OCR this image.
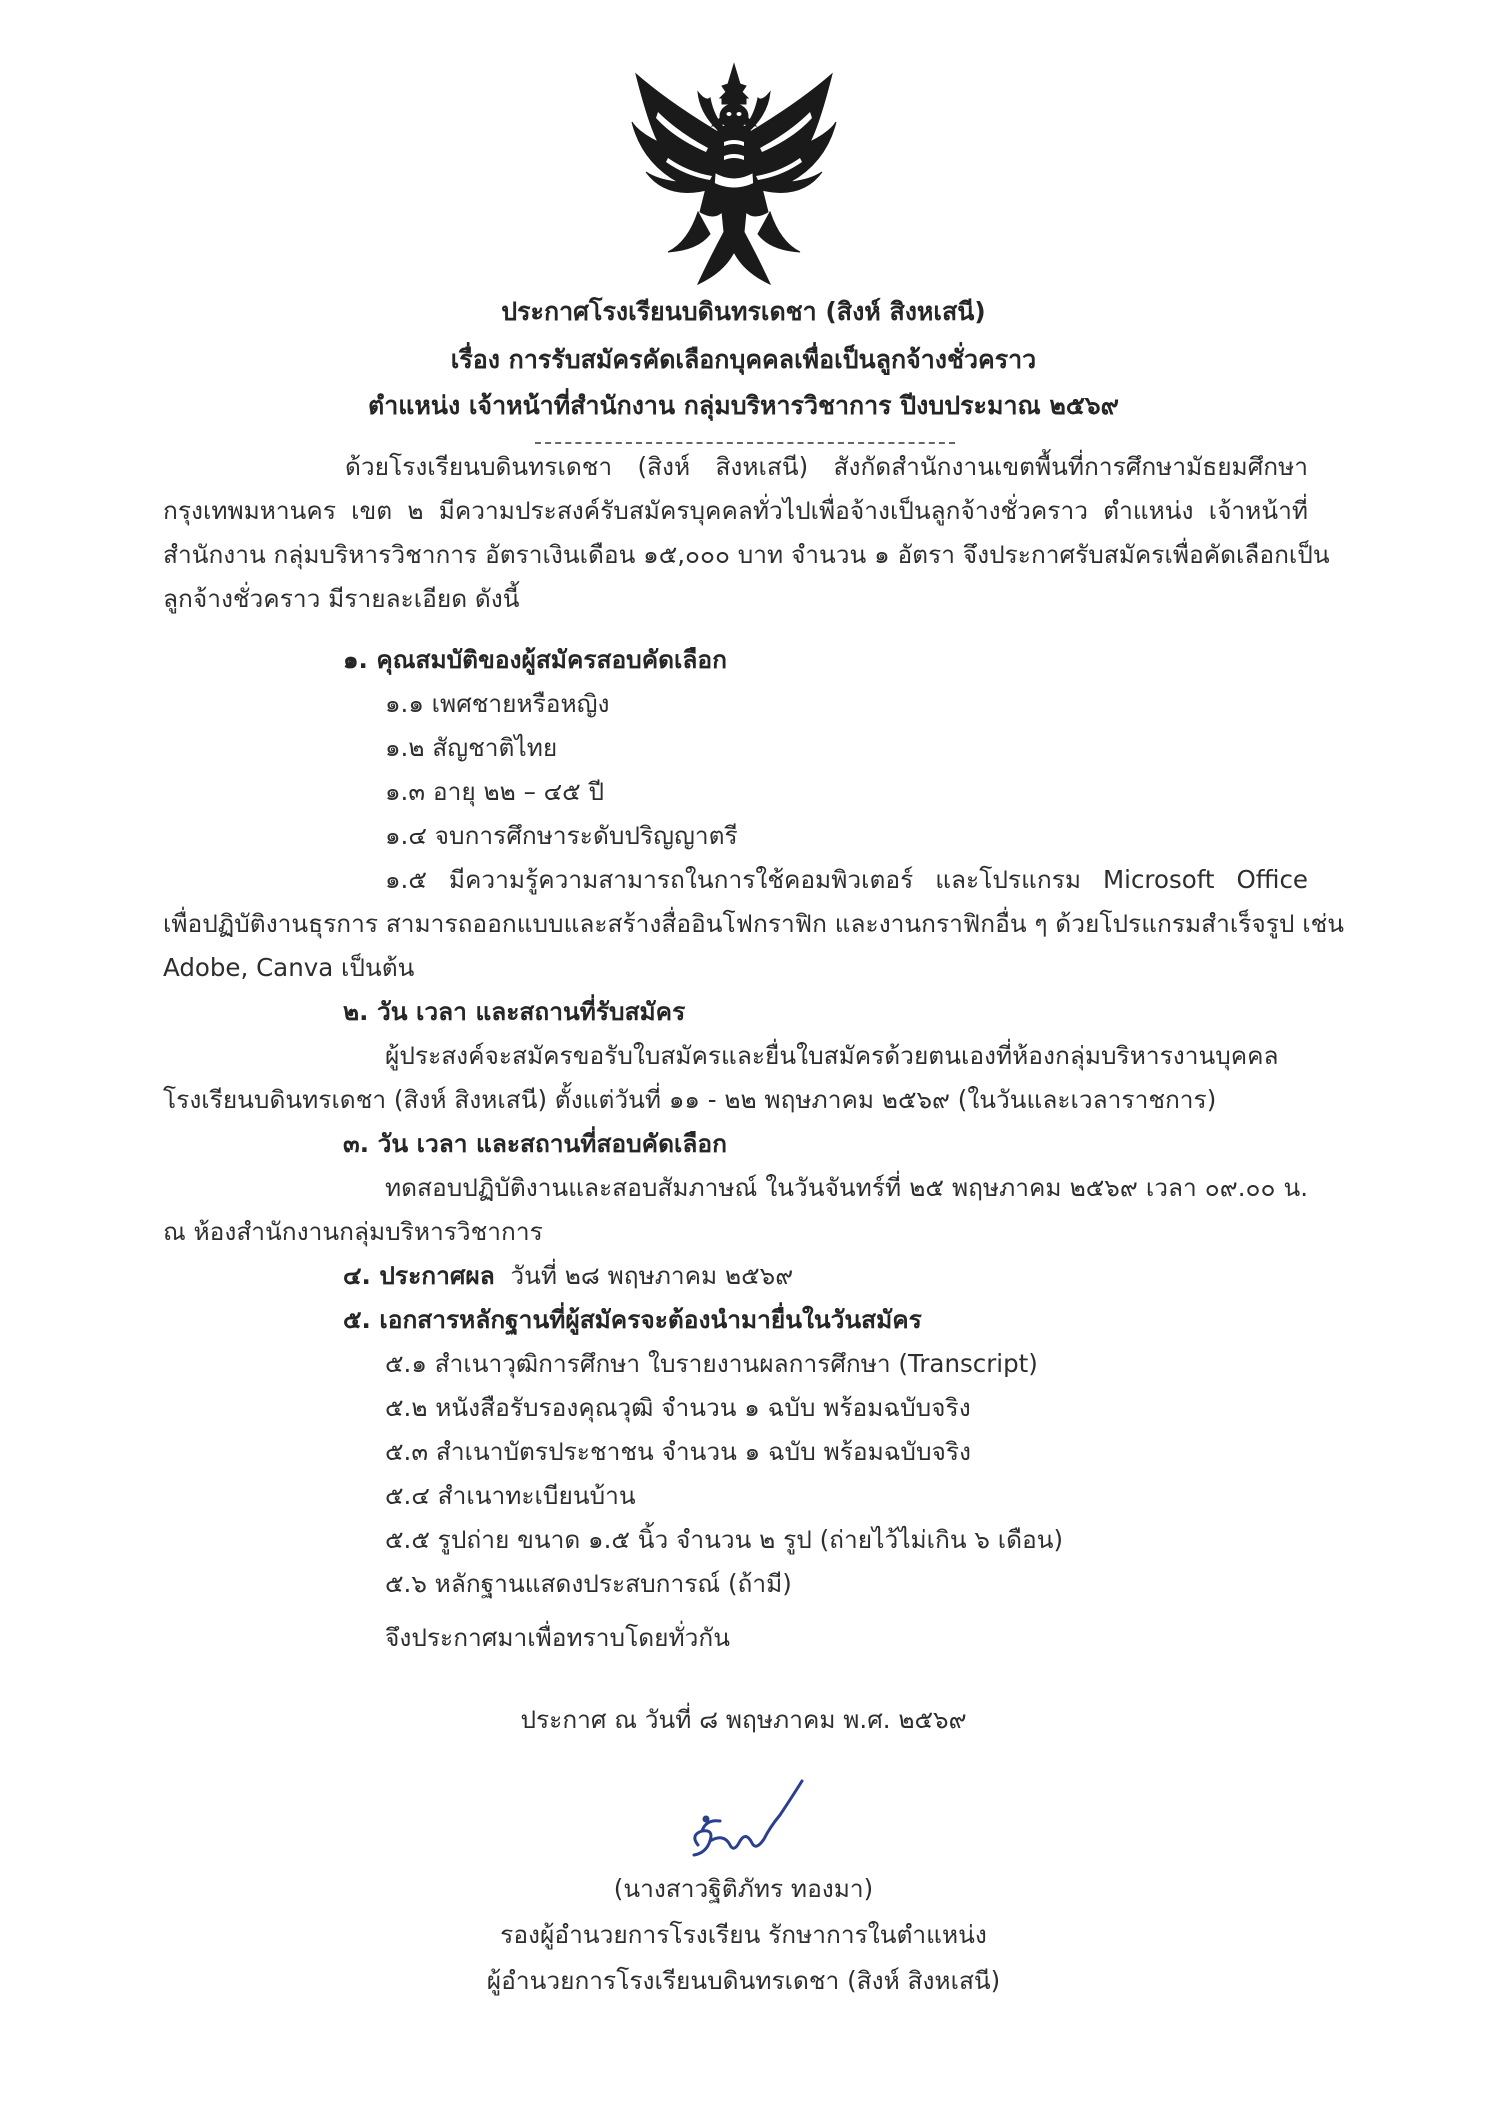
ประกาศโรงเรียนบดินทรเดชา (สิงห์ สิงหเสนี)
เรื่อง การรับสมัครคัดเลือกบุคคลเพื่อเป็นลูกจ้างชั่วคราว
ตำแหน่ง เจ้าหน้าที่สำนักงาน กลุ่มบริหารวิชาการ ปีงบประมาณ ๒๕๖๙
ด้วยโรงเรียนบดินทรเดชา (สิงห์ สิงหเสนี) สังกัดสำนักงานเขตพื้นที่การศึกษามัธยมศึกษา
กรุงเทพมหานคร เขต ๒ มีความประสงค์รับสมัครบุคคลทั่วไปเพื่อจ้างเป็นลูกจ้างชั่วคราว ตำแหน่ง เจ้าหน้าที่
สำนักงาน กลุ่มบริหารวิชาการ อัตราเงินเดือน ๑๕,๐๐๐ บาท จำนวน ๑ อัตรา จึงประกาศรับสมัครเพื่อคัดเลือกเป็น
ลูกจ้างชั่วคราว มีรายละเอียด ดังนี้
๑. คุณสมบัติของผู้สมัครสอบคัดเลือก
๑.๑ เพศชายหรือหญิง
๑.๒ สัญชาติไทย
๑.๓ อายุ ๒๒ – ๔๕ ปี
๑.๔ จบการศึกษาระดับปริญญาตรี
๑.๕ มีความรู้ความสามารถในการใช้คอมพิวเตอร์ และโปรแกรม Microsoft Office
เพื่อปฏิบัติงานธุรการ สามารถออกแบบและสร้างสื่ออินโฟกราฟิก และงานกราฟิกอื่น ๆ ด้วยโปรแกรมสำเร็จรูป เช่น
Adobe, Canva เป็นต้น
๒. วัน เวลา และสถานที่รับสมัคร
ผู้ประสงค์จะสมัครขอรับใบสมัครและยื่นใบสมัครด้วยตนเองที่ห้องกลุ่มบริหารงานบุคคล
โรงเรียนบดินทรเดชา (สิงห์ สิงหเสนี) ตั้งแต่วันที่ ๑๑ - ๒๒ พฤษภาคม ๒๕๖๙ (ในวันและเวลาราชการ)
๓. วัน เวลา และสถานที่สอบคัดเลือก
ทดสอบปฏิบัติงานและสอบสัมภาษณ์ ในวันจันทร์ที่ ๒๕ พฤษภาคม ๒๕๖๙ เวลา ๐๙.๐๐ น.
ณ ห้องสำนักงานกลุ่มบริหารวิชาการ
๔. ประกาศผล วันที่ ๒๘ พฤษภาคม ๒๕๖๙
๕. เอกสารหลักฐานที่ผู้สมัครจะต้องนำมายื่นในวันสมัคร
๕.๑ สำเนาวุฒิการศึกษา ใบรายงานผลการศึกษา (Transcript)
๕.๒ หนังสือรับรองคุณวุฒิ จำนวน ๑ ฉบับ พร้อมฉบับจริง
๕.๓ สำเนาบัตรประชาชน จำนวน ๑ ฉบับ พร้อมฉบับจริง
๕.๔ สำเนาทะเบียนบ้าน
๕.๕ รูปถ่าย ขนาด ๑.๕ นิ้ว จำนวน ๒ รูป (ถ่ายไว้ไม่เกิน ๖ เดือน)
๕.๖ หลักฐานแสดงประสบการณ์ (ถ้ามี)
จึงประกาศมาเพื่อทราบโดยทั่วกัน
ประกาศ ณ วันที่ ๘ พฤษภาคม พ.ศ. ๒๕๖๙
(นางสาวฐิติภัทร ทองมา)
รองผู้อำนวยการโรงเรียน รักษาการในตำแหน่ง
ผู้อำนวยการโรงเรียนบดินทรเดชา (สิงห์ สิงหเสนี)
